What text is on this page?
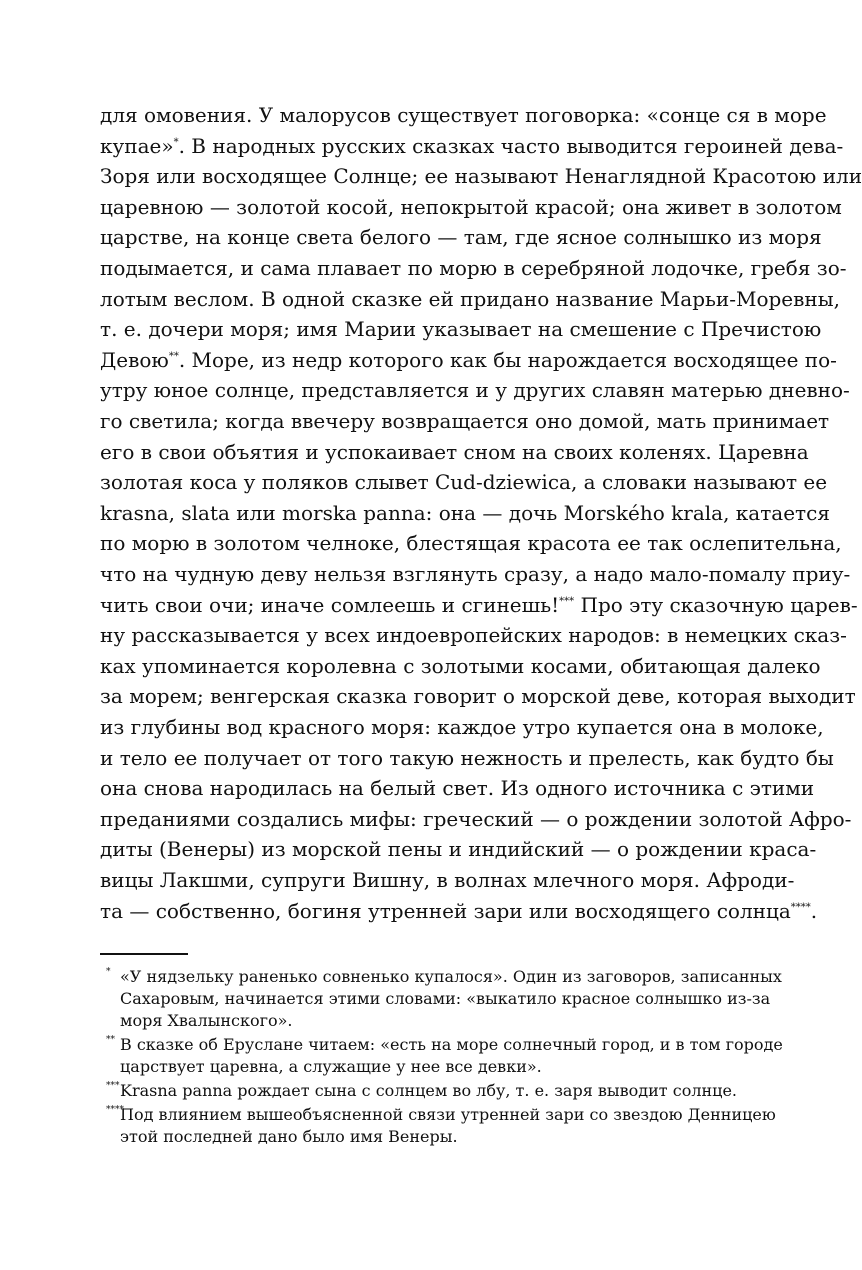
для омовения. У малорусов существует поговорка: «сонце ся в море
купае»*. В народных русских сказках часто выводится героиней дева-
Зоря или восходящее Солнце; ее называют Ненаглядной Красотою или
царевною — золотой косой, непокрытой красой; она живет в золотом
царстве, на конце света белого — там, где ясное солнышко из моря
подымается, и сама плавает по морю в серебряной лодочке, гребя зо-
лотым веслом. В одной сказке ей придано название Марьи-Моревны,
т. е. дочери моря; имя Марии указывает на смешение с Пречистою
Девою**. Море, из недр которого как бы нарождается восходящее по-
утру юное солнце, представляется и у других славян матерью дневно-
го светила; когда ввечеру возвращается оно домой, мать принимает
его в свои объятия и успокаивает сном на своих коленях. Царевна
золотая коса у поляков слывет Cud-dziewica, а словаки называют ее
krasna, slata или morska panna: она — дочь Morského krala, катается
по морю в золотом челноке, блестящая красота ее так ослепительна,
что на чудную деву нельзя взглянуть сразу, а надо мало-помалу приу-
чить свои очи; иначе сомлеешь и сгинешь!*** Про эту сказочную царев-
ну рассказывается у всех индоевропейских народов: в немецких сказ-
ках упоминается королевна с золотыми косами, обитающая далеко
за морем; венгерская сказка говорит о морской деве, которая выходит
из глубины вод красного моря: каждое утро купается она в молоке,
и тело ее получает от того такую нежность и прелесть, как будто бы
она снова народилась на белый свет. Из одного источника с этими
преданиями создались мифы: греческий — о рождении золотой Афро-
диты (Венеры) из морской пены и индийский — о рождении краса-
вицы Лакшми, супруги Вишну, в волнах млечного моря. Афроди-
та — собственно, богиня утренней зари или восходящего солнца****.
* «У нядзельку раненько совненько купалося». Один из заговоров, записанных
Сахаровым, начинается этими словами: «выкатило красное солнышко из-за
моря Хвалынского».
** В сказке об Еруслане читаем: «есть на море солнечный город, и в том городе
царствует царевна, а служащие у нее все девки».
*** Krasna panna рождает сына с солнцем во лбу, т. е. заря выводит солнце.
****
Под влиянием вышеобъясненной связи утренней зари со звездою Денницею
этой последней дано было имя Венеры.
